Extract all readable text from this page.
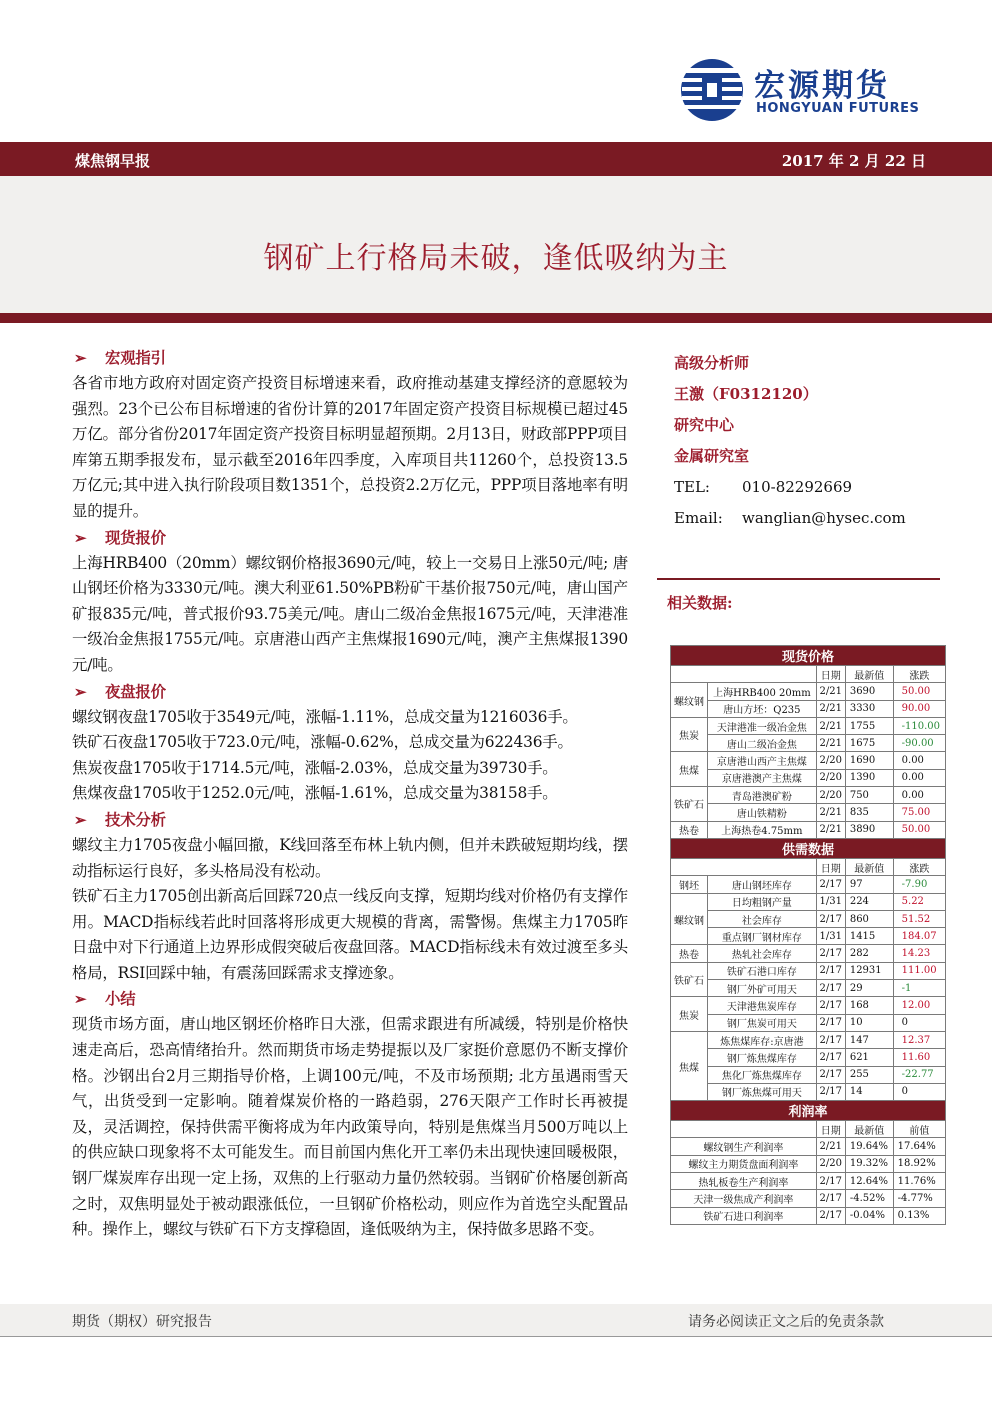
宏源期货
HONGYUAN FUTURES
煤焦钢早报	2017 年 2 月 22 日
钢矿上行格局未破，逢低吸纳为主
➢ 宏观指引

各省市地方政府对固定资产投资目标增速来看，政府推动基建支撑经济的意愿较为强烈。23个已公布目标增速的省份计算的2017年固定资产投资目标规模已超过45万亿。部分省份2017年固定资产投资目标明显超预期。2月13日，财政部PPP项目库第五期季报发布，显示截至2016年四季度，入库项目共11260个，总投资13.5万亿元;其中进入执行阶段项目数1351个，总投资2.2万亿元，PPP项目落地率有明显的提升。

➢ 现货报价

上海HRB400（20mm）螺纹钢价格报3690元/吨，较上一交易日上涨50元/吨; 唐山钢坯价格为3330元/吨。澳大利亚61.50%PB粉矿干基价报750元/吨，唐山国产矿报835元/吨，普式报价93.75美元/吨。唐山二级冶金焦报1675元/吨，天津港准一级冶金焦报1755元/吨。京唐港山西产主焦煤报1690元/吨，澳产主焦煤报1390元/吨。

➢ 夜盘报价

螺纹钢夜盘1705收于3549元/吨，涨幅-1.11%，总成交量为1216036手。

铁矿石夜盘1705收于723.0元/吨，涨幅-0.62%，总成交量为622436手。

焦炭夜盘1705收于1714.5元/吨，涨幅-2.03%，总成交量为39730手。

焦煤夜盘1705收于1252.0元/吨，涨幅-1.61%，总成交量为38158手。

➢ 技术分析

螺纹主力1705夜盘小幅回撤，K线回落至布林上轨内侧，但并未跌破短期均线，摆动指标运行良好，多头格局没有松动。

铁矿石主力1705创出新高后回踩720点一线反向支撑，短期均线对价格仍有支撑作用。MACD指标线若此时回落将形成更大规模的背离，需警惕。焦煤主力1705昨日盘中对下行通道上边界形成假突破后夜盘回落。MACD指标线未有效过渡至多头格局，RSI回踩中轴，有震荡回踩需求支撑迹象。

➢ 小结

现货市场方面，唐山地区钢坯价格昨日大涨，但需求跟进有所减缓，特别是价格快速走高后，恐高情绪抬升。然而期货市场走势提振以及厂家挺价意愿仍不断支撑价格。沙钢出台2月三期指导价格，上调100元/吨，不及市场预期; 北方虽遇雨雪天气，出货受到一定影响。随着煤炭价格的一路趋弱，276天限产工作时长再被提及，灵活调控，保持供需平衡将成为年内政策导向，特别是焦煤当月500万吨以上的供应缺口现象将不太可能发生。而目前国内焦化开工率仍未出现快速回暖极限，钢厂煤炭库存出现一定上扬，双焦的上行驱动力量仍然较弱。当钢矿价格屡创新高之时，双焦明显处于被动跟涨低位，一旦钢矿价格松动，则应作为首选空头配置品种。操作上，螺纹与铁矿石下方支撑稳固，逢低吸纳为主，保持做多思路不变。

高级分析师
王激（F0312120）
研究中心
金属研究室
TEL: 010-82292669
Email: wanglian@hysec.com
相关数据:
现货价格				
		日期	最新值	涨跌
螺纹钢	上海HRB400 20mm	2/21	3690	50.00
	唐山方坯：Q235	2/21	3330	90.00
焦炭	天津港准一级冶金焦	2/21	1755	-110.00
	唐山二级冶金焦	2/21	1675	-90.00
焦煤	京唐港山西产主焦煤	2/20	1690	0.00
	京唐港澳产主焦煤	2/20	1390	0.00
铁矿石	青岛港澳矿粉	2/20	750	0.00
	唐山铁精粉	2/21	835	75.00
热卷	上海热卷4.75mm	2/21	3890	50.00
供需数据				
		日期	最新值	涨跌
钢坯	唐山钢坯库存	2/17	97	-7.90
螺纹钢	日均粗钢产量	1/31	224	5.22
	社会库存	2/17	860	51.52
	重点钢厂钢材库存	1/31	1415	184.07
热卷	热轧社会库存	2/17	282	14.23
铁矿石	铁矿石港口库存	2/17	12931	111.00
	钢厂外矿可用天	2/17	29	-1
焦炭	天津港焦炭库存	2/17	168	12.00
	钢厂焦炭可用天	2/17	10	0
焦煤	炼焦煤库存:京唐港	2/17	147	12.37
	钢厂炼焦煤库存	2/17	621	11.60
	焦化厂炼焦煤库存	2/17	255	-22.77
	钢厂炼焦煤可用天	2/17	14	0
利润率				
		日期	最新值	前值
螺纹钢生产利润率		2/21	19.64%	17.64%
螺纹主力期货盘面利润率		2/20	19.32%	18.92%
热轧板卷生产利润率		2/17	12.64%	11.76%
天津一级焦成产利润率		2/17	-4.52%	-4.77%
铁矿石进口利润率		2/17	-0.04%	0.13%
期货（期权）研究报告	请务必阅读正文之后的免责条款
